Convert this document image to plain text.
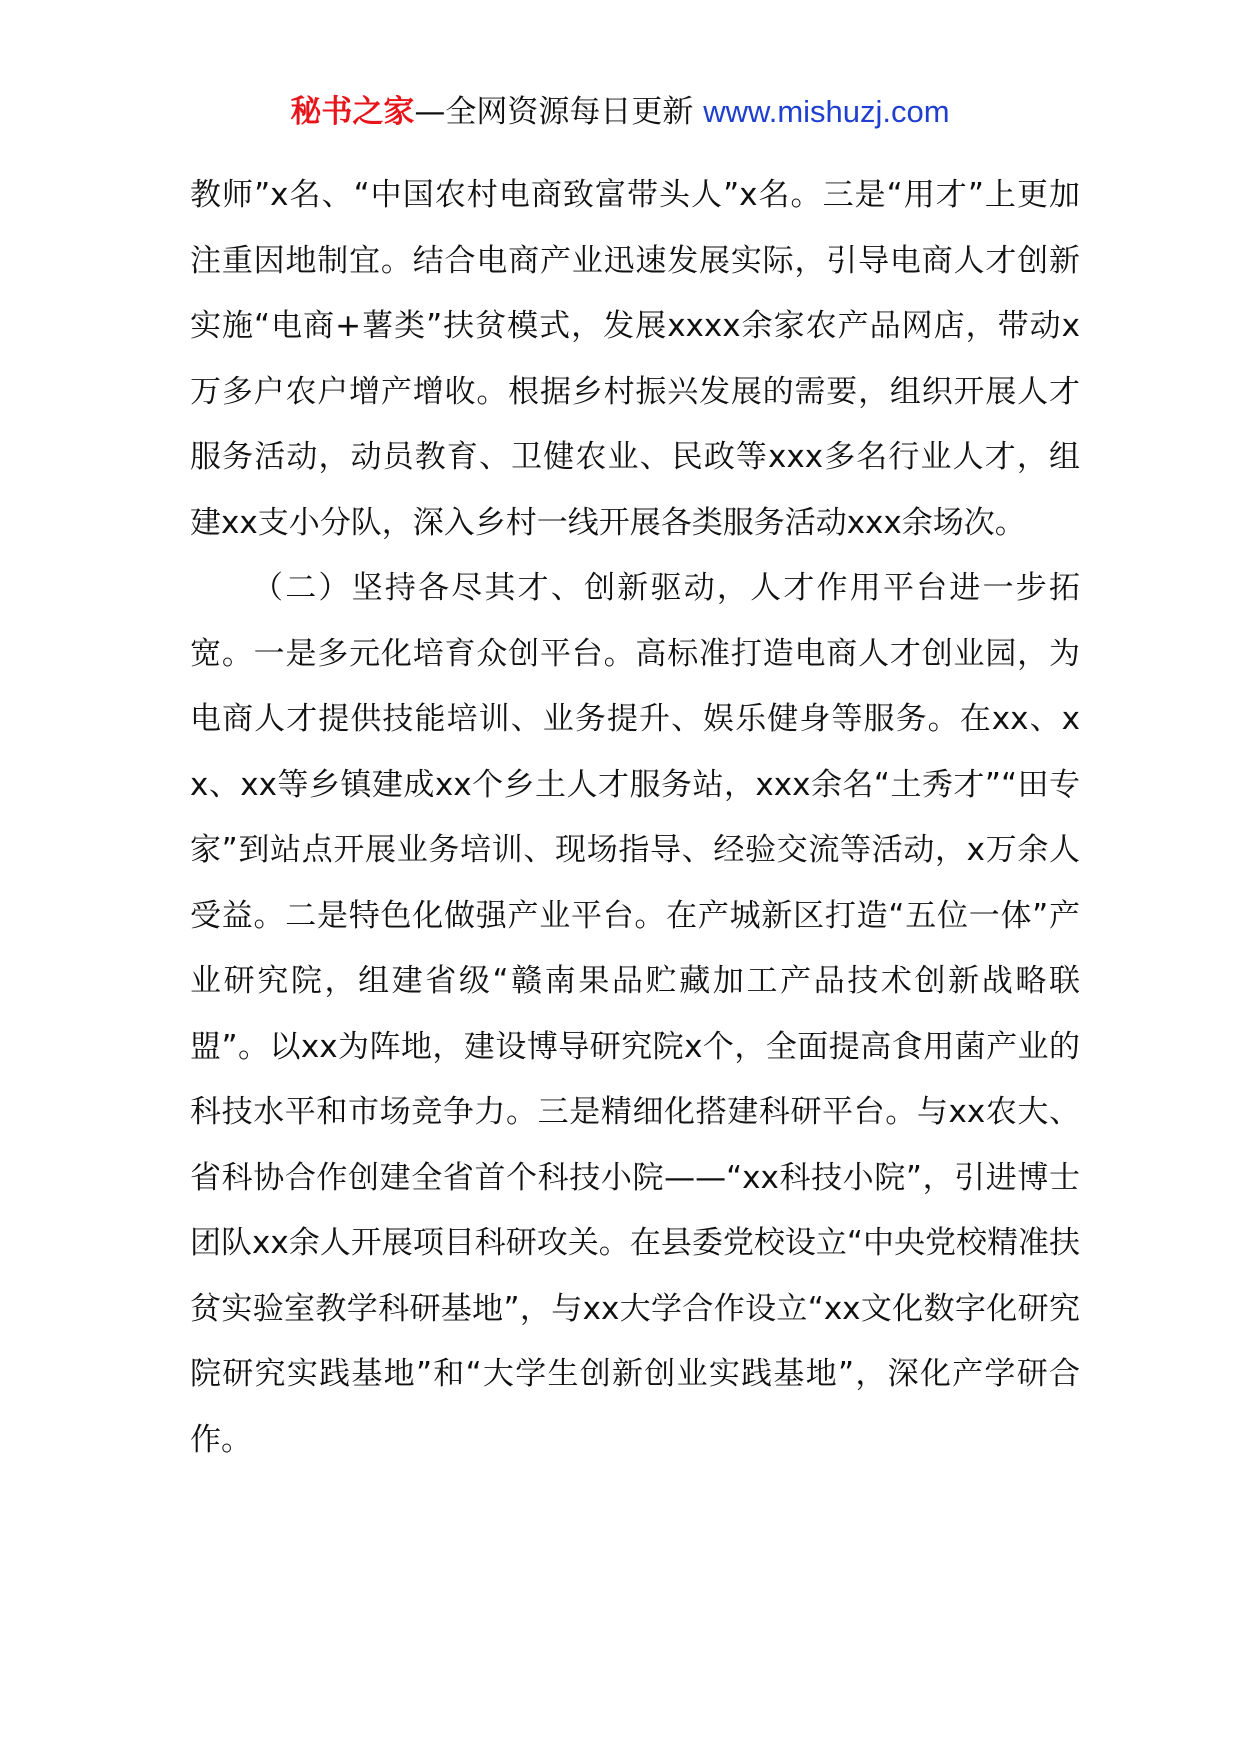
秘书之家—全网资源每日更新 www.mishuzj.com

教师”x名、“中国农村电商致富带头人”x名。三是“用才”上更加注重因地制宜。结合电商产业迅速发展实际，引导电商人才创新实施“电商+薯类”扶贫模式，发展xxxx余家农产品网店，带动x万多户农户增产增收。根据乡村振兴发展的需要，组织开展人才服务活动，动员教育、卫健农业、民政等xxx多名行业人才，组建xx支小分队，深入乡村一线开展各类服务活动xxx余场次。

（二）坚持各尽其才、创新驱动，人才作用平台进一步拓宽。一是多元化培育众创平台。高标准打造电商人才创业园，为电商人才提供技能培训、业务提升、娱乐健身等服务。在xx、xx、xx等乡镇建成xx个乡土人才服务站，xxx余名“土秀才”“田专家”到站点开展业务培训、现场指导、经验交流等活动，x万余人受益。二是特色化做强产业平台。在产城新区打造“五位一体”产业研究院，组建省级“赣南果品贮藏加工产品技术创新战略联盟”。以xx为阵地，建设博导研究院x个，全面提高食用菌产业的科技水平和市场竞争力。三是精细化搭建科研平台。与xx农大、省科协合作创建全省首个科技小院——“xx科技小院”，引进博士团队xx余人开展项目科研攻关。在县委党校设立“中央党校精准扶贫实验室教学科研基地”，与xx大学合作设立“xx文化数字化研究院研究实践基地”和“大学生创新创业实践基地”，深化产学研合作。
